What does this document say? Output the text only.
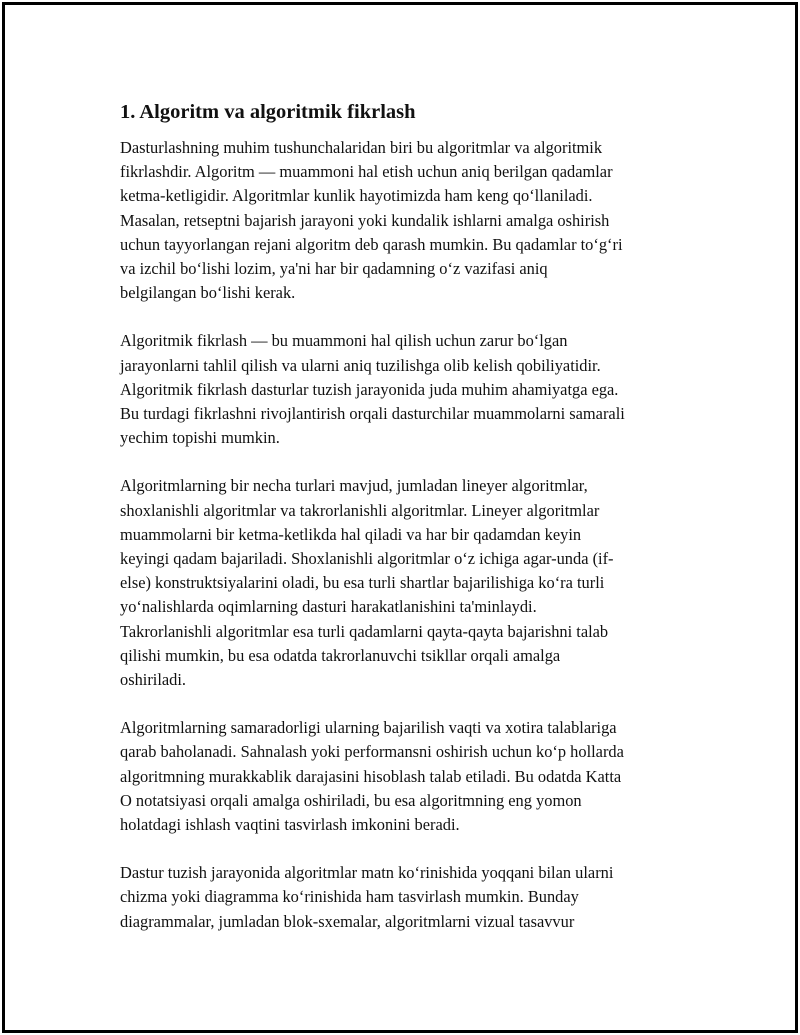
1. Algoritm va algoritmik fikrlash
Dasturlashning muhim tushunchalaridan biri bu algoritmlar va algoritmik
fikrlashdir. Algoritm — muammoni hal etish uchun aniq berilgan qadamlar
ketma-ketligidir. Algoritmlar kunlik hayotimizda ham keng qo‘llaniladi.
Masalan, retseptni bajarish jarayoni yoki kundalik ishlarni amalga oshirish
uchun tayyorlangan rejani algoritm deb qarash mumkin. Bu qadamlar to‘g‘ri
va izchil bo‘lishi lozim, ya'ni har bir qadamning o‘z vazifasi aniq
belgilangan bo‘lishi kerak.
Algoritmik fikrlash — bu muammoni hal qilish uchun zarur bo‘lgan
jarayonlarni tahlil qilish va ularni aniq tuzilishga olib kelish qobiliyatidir.
Algoritmik fikrlash dasturlar tuzish jarayonida juda muhim ahamiyatga ega.
Bu turdagi fikrlashni rivojlantirish orqali dasturchilar muammolarni samarali
yechim topishi mumkin.
Algoritmlarning bir necha turlari mavjud, jumladan lineyer algoritmlar,
shoxlanishli algoritmlar va takrorlanishli algoritmlar. Lineyer algoritmlar
muammolarni bir ketma-ketlikda hal qiladi va har bir qadamdan keyin
keyingi qadam bajariladi. Shoxlanishli algoritmlar o‘z ichiga agar-unda (if-
else) konstruktsiyalarini oladi, bu esa turli shartlar bajarilishiga ko‘ra turli
yo‘nalishlarda oqimlarning dasturi harakatlanishini ta'minlaydi.
Takrorlanishli algoritmlar esa turli qadamlarni qayta-qayta bajarishni talab
qilishi mumkin, bu esa odatda takrorlanuvchi tsikllar orqali amalga
oshiriladi.
Algoritmlarning samaradorligi ularning bajarilish vaqti va xotira talablariga
qarab baholanadi. Sahnalash yoki performansni oshirish uchun ko‘p hollarda
algoritmning murakkablik darajasini hisoblash talab etiladi. Bu odatda Katta
O notatsiyasi orqali amalga oshiriladi, bu esa algoritmning eng yomon
holatdagi ishlash vaqtini tasvirlash imkonini beradi.
Dastur tuzish jarayonida algoritmlar matn ko‘rinishida yoqqani bilan ularni
chizma yoki diagramma ko‘rinishida ham tasvirlash mumkin. Bunday
diagrammalar, jumladan blok-sxemalar, algoritmlarni vizual tasavvur
